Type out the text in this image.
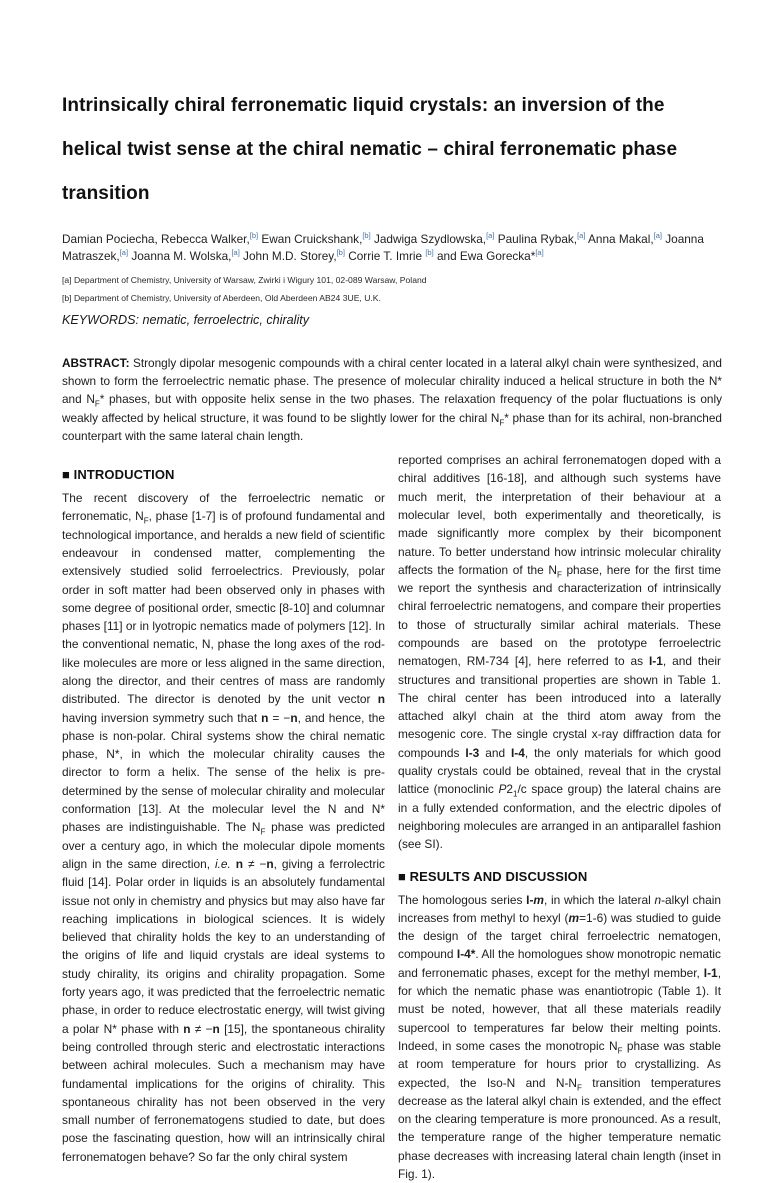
Intrinsically chiral ferronematic liquid crystals: an inversion of the helical twist sense at the chiral nematic – chiral ferronematic phase transition
Damian Pociecha, Rebecca Walker,[b] Ewan Cruickshank,[b] Jadwiga Szydlowska,[a] Paulina Rybak,[a] Anna Makal,[a] Joanna Matraszek,[a] Joanna M. Wolska,[a] John M.D. Storey,[b] Corrie T. Imrie [b] and Ewa Gorecka*[a]
[a] Department of Chemistry, University of Warsaw, Zwirki i Wigury 101, 02-089 Warsaw, Poland
[b] Department of Chemistry, University of Aberdeen, Old Aberdeen AB24 3UE, U.K.
KEYWORDS: nematic, ferroelectric, chirality
ABSTRACT: Strongly dipolar mesogenic compounds with a chiral center located in a lateral alkyl chain were synthesized, and shown to form the ferroelectric nematic phase. The presence of molecular chirality induced a helical structure in both the N* and $N_F*$ phases, but with opposite helix sense in the two phases. The relaxation frequency of the polar fluctuations is only weakly affected by helical structure, it was found to be slightly lower for the chiral $N_F*$ phase than for its achiral, non-branched counterpart with the same lateral chain length.
■ INTRODUCTION
The recent discovery of the ferroelectric nematic or ferronematic, $N_F$, phase [1-7] is of profound fundamental and technological importance, and heralds a new field of scientific endeavour in condensed matter, complementing the extensively studied solid ferroelectrics. Previously, polar order in soft matter had been observed only in phases with some degree of positional order, smectic [8-10] and columnar phases [11] or in lyotropic nematics made of polymers [12]. In the conventional nematic, N, phase the long axes of the rod-like molecules are more or less aligned in the same direction, along the director, and their centres of mass are randomly distributed. The director is denoted by the unit vector n having inversion symmetry such that n = −n, and hence, the phase is non-polar. Chiral systems show the chiral nematic phase, N*, in which the molecular chirality causes the director to form a helix. The sense of the helix is pre-determined by the sense of molecular chirality and molecular conformation [13]. At the molecular level the N and N* phases are indistinguishable. The $N_F$ phase was predicted over a century ago, in which the molecular dipole moments align in the same direction, i.e. n ≠ −n, giving a ferrolectric fluid [14]. Polar order in liquids is an absolutely fundamental issue not only in chemistry and physics but may also have far reaching implications in biological sciences. It is widely believed that chirality holds the key to an understanding of the origins of life and liquid crystals are ideal systems to study chirality, its origins and chirality propagation. Some forty years ago, it was predicted that the ferroelectric nematic phase, in order to reduce electrostatic energy, will twist giving a polar N* phase with n ≠ −n [15], the spontaneous chirality being controlled through steric and electrostatic interactions between achiral molecules. Such a mechanism may have fundamental implications for the origins of chirality. This spontaneous chirality has not been observed in the very small number of ferronematogens studied to date, but does pose the fascinating question, how will an intrinsically chiral ferronematogen behave? So far the only chiral system
reported comprises an achiral ferronematogen doped with a chiral additives [16-18], and although such systems have much merit, the interpretation of their behaviour at a molecular level, both experimentally and theoretically, is made significantly more complex by their bicomponent nature. To better understand how intrinsic molecular chirality affects the formation of the $N_F$ phase, here for the first time we report the synthesis and characterization of intrinsically chiral ferroelectric nematogens, and compare their properties to those of structurally similar achiral materials. These compounds are based on the prototype ferroelectric nematogen, RM-734 [4], here referred to as I-1, and their structures and transitional properties are shown in Table 1. The chiral center has been introduced into a laterally attached alkyl chain at the third atom away from the mesogenic core. The single crystal x-ray diffraction data for compounds I-3 and I-4, the only materials for which good quality crystals could be obtained, reveal that in the crystal lattice (monoclinic $P2_1/c$ space group) the lateral chains are in a fully extended conformation, and the electric dipoles of neighboring molecules are arranged in an antiparallel fashion (see SI).
■ RESULTS AND DISCUSSION
The homologous series I-m, in which the lateral n-alkyl chain increases from methyl to hexyl (m=1-6) was studied to guide the design of the target chiral ferroelectric nematogen, compound I-4*. All the homologues show monotropic nematic and ferronematic phases, except for the methyl member, I-1, for which the nematic phase was enantiotropic (Table 1). It must be noted, however, that all these materials readily supercool to temperatures far below their melting points. Indeed, in some cases the monotropic $N_F$ phase was stable at room temperature for hours prior to crystallizing. As expected, the Iso-N and $N-N_F$ transition temperatures decrease as the lateral alkyl chain is extended, and the effect on the clearing temperature is more pronounced. As a result, the temperature range of the higher temperature nematic phase decreases with increasing lateral chain length (inset in Fig. 1).
